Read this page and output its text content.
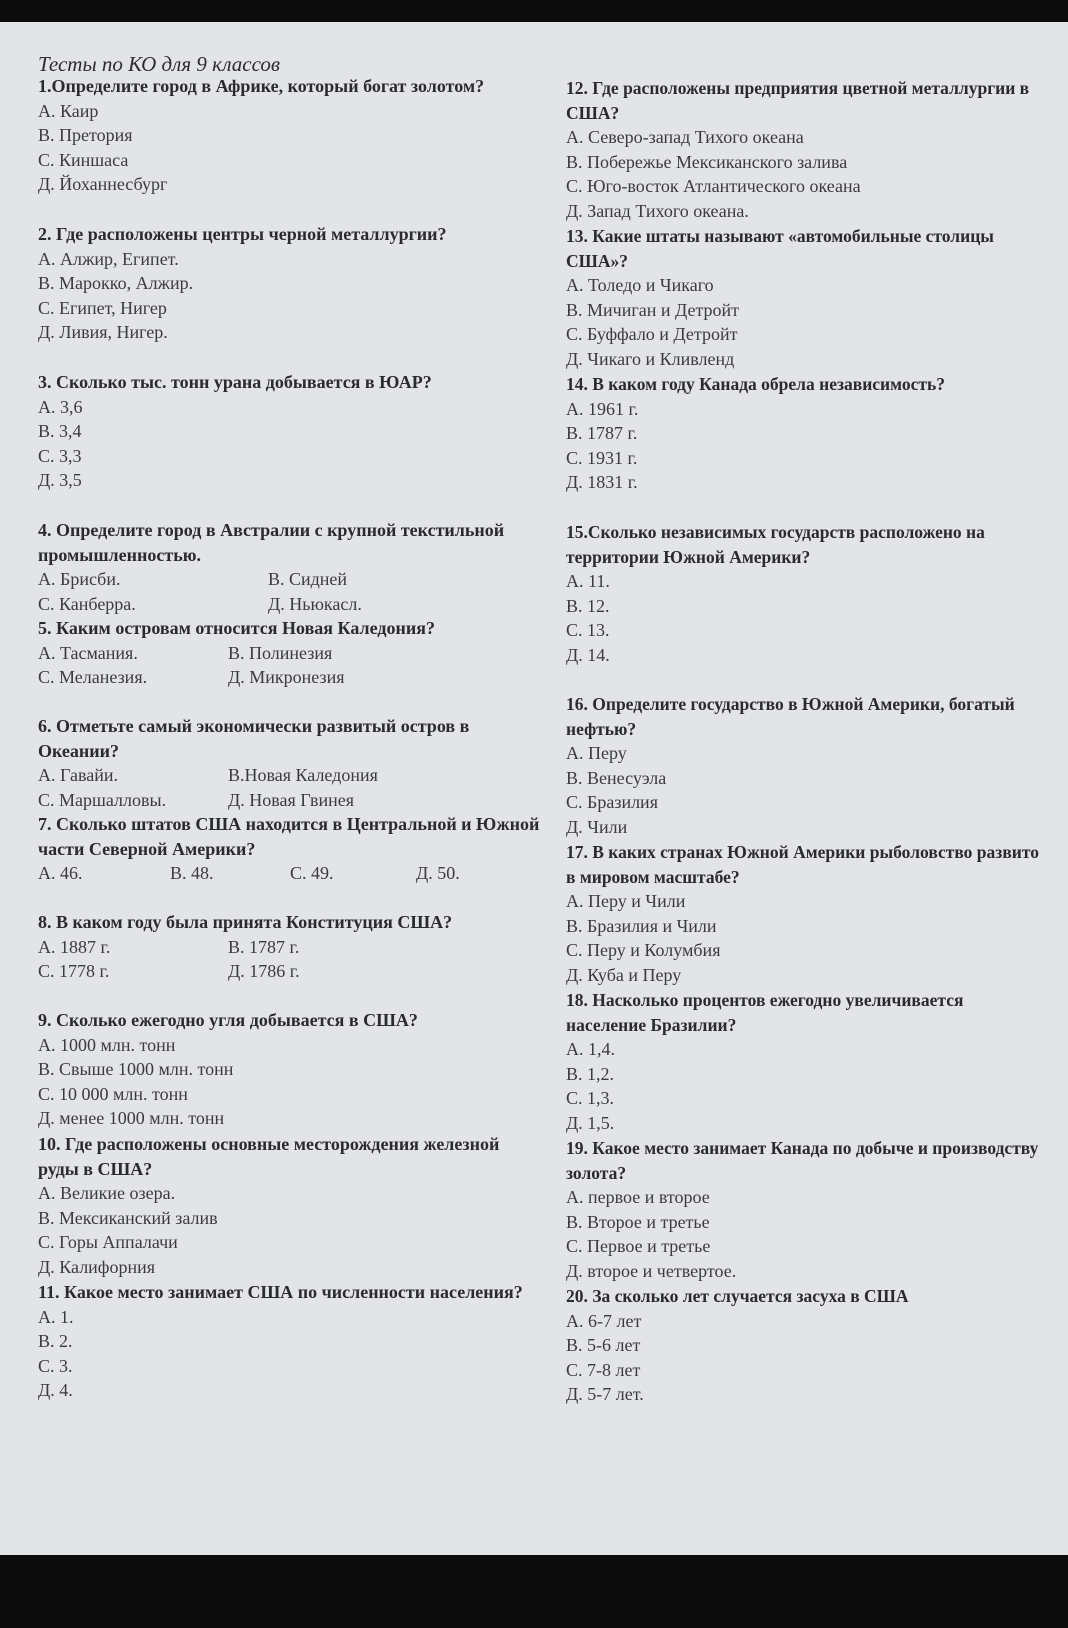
Тесты по КО для 9 классов

1.Определите город в Африке, который богат золотом?

А. Каир

В. Претория

С. Киншаса

Д. Йоханнесбург

2. Где расположены центры черной металлургии?

А. Алжир, Египет.

В. Марокко, Алжир.

С. Египет, Нигер

Д. Ливия, Нигер.

3. Сколько тыс. тонн урана добывается в ЮАР?

А. 3,6

В. 3,4

С. 3,3

Д. 3,5

4. Определите город в Австралии с крупной текстильной промышленностью.

А. Брисби.	В. Сидней
С. Канберра.	Д. Ньюкасл.

5. Каким островам относится Новая Каледония?

А. Тасмания.	В. Полинезия
С. Меланезия.	Д. Микронезия

6. Отметьте самый экономически развитый остров в Океании?

А. Гавайи.	В.Новая Каледония
С. Маршалловы.	Д. Новая Гвинея

7. Сколько штатов США находится в Центральной и Южной части Северной Америки?

А. 46.	В. 48.	С. 49.	Д. 50.

8. В каком году была принята Конституция США?

А. 1887 г.	В. 1787 г.
С. 1778 г.	Д. 1786 г.

9. Сколько ежегодно угля добывается в США?

А. 1000 млн. тонн

В. Свыше 1000 млн. тонн

С. 10 000 млн. тонн

Д. менее 1000 млн. тонн

10. Где расположены основные месторождения железной руды в США?

А. Великие озера.

В. Мексиканский залив

С. Горы Аппалачи

Д. Калифорния

11. Какое место занимает США по численности населения?

А. 1.

В. 2.

С. 3.

Д. 4.

12. Где расположены предприятия цветной металлургии в США?

А. Северо-запад Тихого океана

В. Побережье Мексиканского залива

С. Юго-восток Атлантического океана

Д. Запад Тихого океана.

13. Какие штаты называют «автомобильные столицы США»?

А. Толедо и Чикаго

В. Мичиган и Детройт

С. Буффало и Детройт

Д. Чикаго и Кливленд

14. В каком году Канада обрела независимость?

А. 1961 г.

В. 1787 г.

С. 1931 г.

Д. 1831 г.

15.Сколько независимых государств расположено на территории Южной Америки?

А. 11.

В. 12.

С. 13.

Д. 14.

16. Определите государство в Южной Америки, богатый нефтью?

А. Перу

В. Венесуэла

С. Бразилия

Д. Чили

17. В каких странах Южной Америки рыболовство развито в мировом масштабе?

А. Перу и Чили

В. Бразилия и Чили

С. Перу и Колумбия

Д. Куба и Перу

18. Насколько процентов ежегодно увеличивается население Бразилии?

А. 1,4.

В. 1,2.

С. 1,3.

Д. 1,5.

19. Какое место занимает Канада по добыче и производству золота?

А. первое и второе

В. Второе и третье

С. Первое и третье

Д. второе и четвертое.

20. За сколько лет случается засуха в США

А. 6-7 лет

В. 5-6 лет

С. 7-8 лет

Д. 5-7 лет.
